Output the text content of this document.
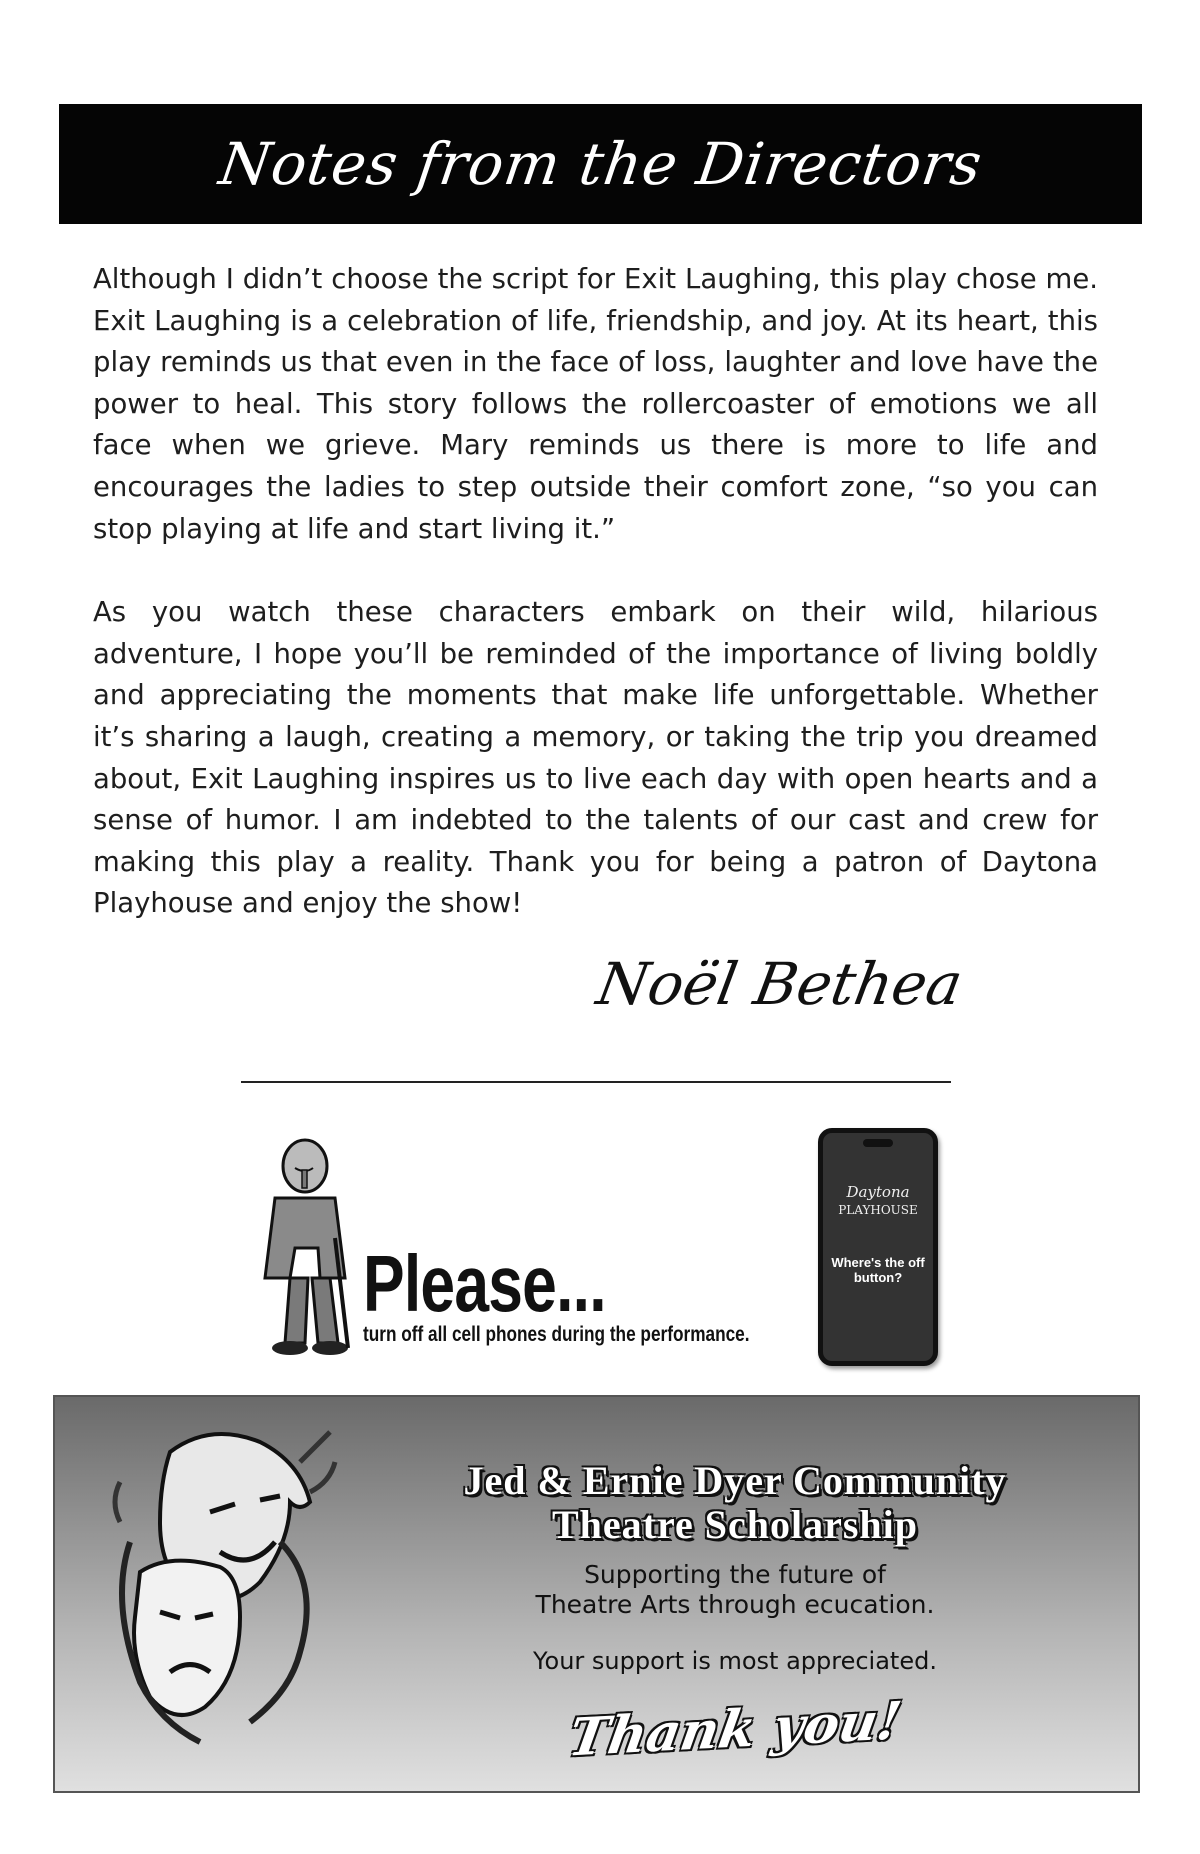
Notes from the Directors

Although I didn’t choose the script for Exit Laughing, this play chose me. Exit Laughing is a celebration of life, friendship, and joy. At its heart, this play reminds us that even in the face of loss, laughter and love have the power to heal. This story follows the rollercoaster of emotions we all face when we grieve. Mary reminds us there is more to life and encourages the ladies to step outside their comfort zone, “so you can stop playing at life and start living it.”

As you watch these characters embark on their wild, hilarious adventure, I hope you’ll be reminded of the importance of living boldly and appreciating the moments that make life unforgettable. Whether it’s sharing a laugh, creating a memory, or taking the trip you dreamed about, Exit Laughing inspires us to live each day with open hearts and a sense of humor. I am indebted to the talents of our cast and crew for making this play a reality. Thank you for being a patron of Daytona Playhouse and enjoy the show!

Noël Bethea
Please...
turn off all cell phones during the performance.
Daytona
PLAYHOUSE
Where's the off button?
Jed & Ernie Dyer Community
Theatre Scholarship
Supporting the future of
Theatre Arts through ecucation.
Your support is most appreciated.
Thank you!
